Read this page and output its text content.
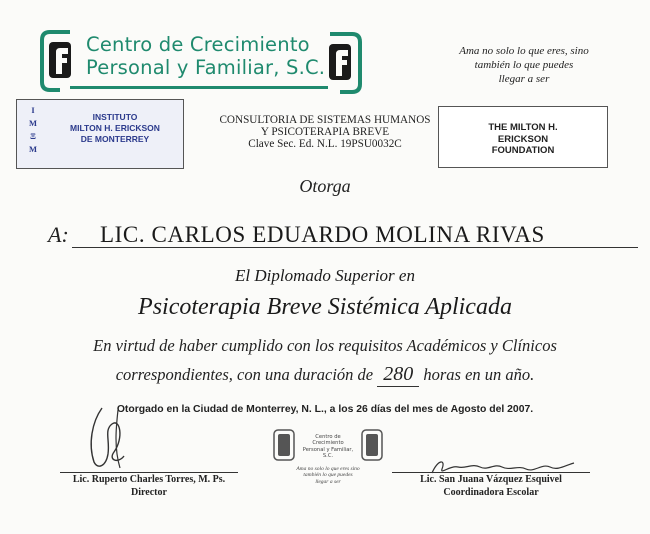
Centro de Crecimiento
Personal y Familiar, S.C.
Ama no solo lo que eres, sino
también lo que puedes
llegar a ser
I
M
Ξ
M
INSTITUTO
MILTON H. ERICKSON
DE MONTERREY
CONSULTORIA DE SISTEMAS HUMANOS
Y PSICOTERAPIA BREVE
Clave Sec. Ed. N.L. 19PSU0032C
THE MILTON H.
ERICKSON
FOUNDATION
Otorga
A: LIC. CARLOS EDUARDO MOLINA RIVAS
El Diplomado Superior en
Psicoterapia Breve Sistémica Aplicada
En virtud de haber cumplido con los requisitos Académicos y Clínicos
correspondientes, con una duración de 280 horas en un año.
Otorgado en la Ciudad de Monterrey, N. L., a los 26 días del mes de Agosto del 2007.
Lic. Ruperto Charles Torres, M. Ps.
Director
Centro de
Crecimiento
Personal y Familiar, S.C.
Ama no solo lo que eres sino
también lo que puedes
llegar a ser	Lic. San Juana Vázquez Esquivel
Coordinadora Escolar
